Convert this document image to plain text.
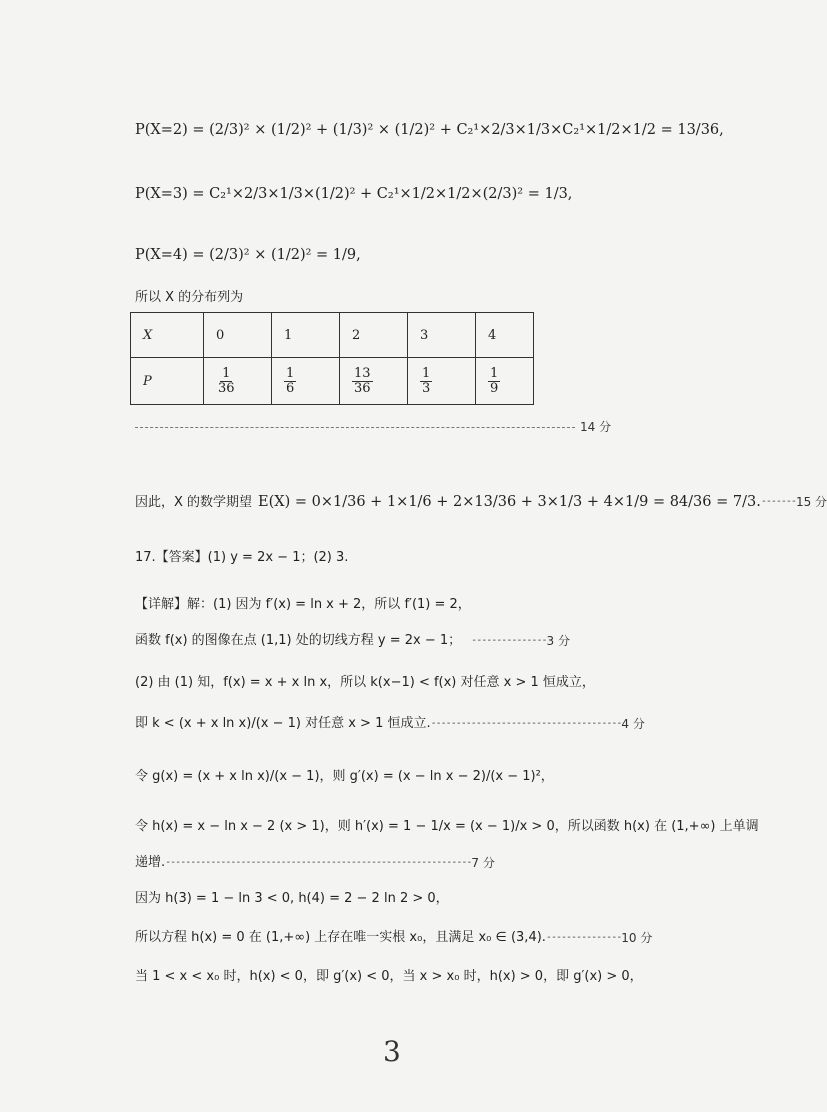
P(X=2) = (2/3)² × (1/2)² + (1/3)² × (1/2)² + C₂¹×2/3×1/3×C₂¹×1/2×1/2 = 13/36,
P(X=3) = C₂¹×2/3×1/3×(1/2)² + C₂¹×1/2×1/2×(2/3)² = 1/3,
P(X=4) = (2/3)² × (1/2)² = 1/9,
所以 X 的分布列为
X	0	1	2	3	4
P	$\frac{1}{36}$	$\frac{1}{6}$	$\frac{13}{36}$	$\frac{1}{3}$	$\frac{1}{9}$
14 分
因此，X 的数学期望 E(X) = 0×1/36 + 1×1/6 + 2×13/36 + 3×1/3 + 4×1/9 = 84/36 = 7/3. ------- 15 分
17.【答案】(1) y = 2x − 1；(2) 3.
【详解】解：(1) 因为 f′(x) = ln x + 2，所以 f′(1) = 2，
函数 f(x) 的图像在点 (1,1) 处的切线方程 y = 2x − 1； --------------- 3 分
(2) 由 (1) 知，f(x) = x + x ln x，所以 k(x−1) < f(x) 对任意 x > 1 恒成立，
即 k < (x + x ln x)/(x − 1) 对任意 x > 1 恒成立. -------------------------------------- 4 分
令 g(x) = (x + x ln x)/(x − 1)，则 g′(x) = (x − ln x − 2)/(x − 1)²，
令 h(x) = x − ln x − 2 (x > 1)，则 h′(x) = 1 − 1/x = (x − 1)/x > 0，所以函数 h(x) 在 (1,+∞) 上单调
递增. ------------------------------------------------------------- 7 分
因为 h(3) = 1 − ln 3 < 0, h(4) = 2 − 2 ln 2 > 0，
所以方程 h(x) = 0 在 (1,+∞) 上存在唯一实根 x₀，且满足 x₀ ∈ (3,4). --------------- 10 分
当 1 < x < x₀ 时，h(x) < 0，即 g′(x) < 0，当 x > x₀ 时，h(x) > 0，即 g′(x) > 0，
3
